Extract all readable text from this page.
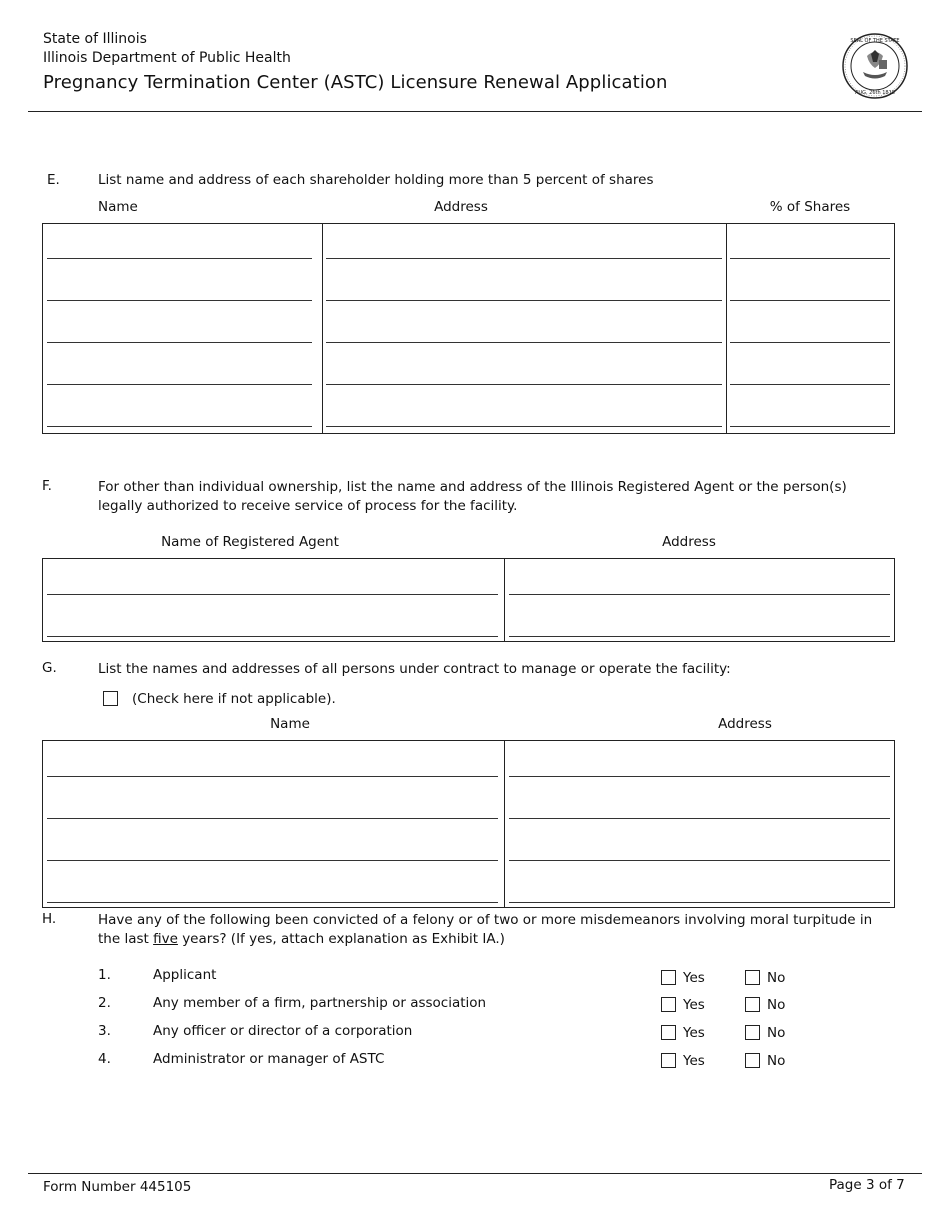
State of Illinois
Illinois Department of Public Health
Pregnancy Termination Center (ASTC) Licensure Renewal Application
SEAL OF THE STATE
AUG. 26th 1818
E.	List name and address of each shareholder holding more than 5 percent of shares
Name	Address	% of Shares
F.	For other than individual ownership, list the name and address of the Illinois Registered Agent or the person(s)
legally authorized to receive service of process for the facility.
Name of Registered Agent	Address
G.	List the names and addresses of all persons under contract to manage or operate the facility:
(Check here if not applicable).
Name	Address
H.	Have any of the following been convicted of a felony or of two or more misdemeanors involving moral turpitude in
the last five years? (If yes, attach explanation as Exhibit IA.)
1.	Applicant	Yes	No
2.	Any member of a firm, partnership or association	Yes	No
3.	Any officer or director of a corporation	Yes	No
4.	Administrator or manager of ASTC	Yes	No
Form Number 445105	Page 3 of 7
